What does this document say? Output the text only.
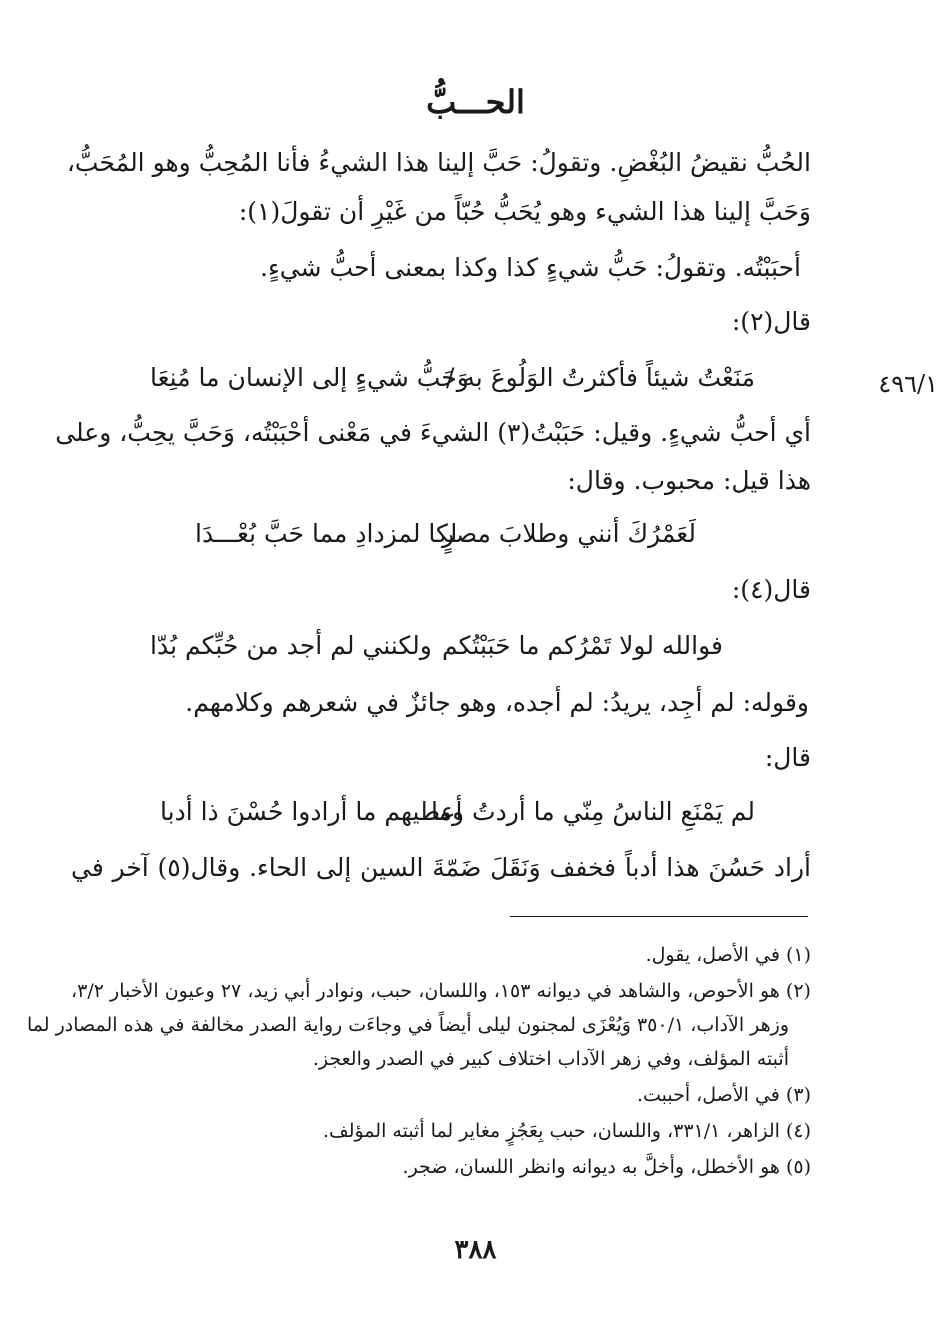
الحـــبُّ
الحُبُّ نقيضُ البُغْضِ. وتقولُ: حَبَّ إلينا هذا الشيءُ فأنا المُحِبُّ وهو المُحَبُّ،
وَحَبَّ إلينا هذا الشيء وهو يُحَبُّ حُبّاً من غَيْرِ أن تقولَ(١):
أحبَبْتُه. وتقولُ: حَبُّ شيءٍ كذا وكذا بمعنى أحبُّ شيءٍ.
قال(٢):
مَنَعْتُ شيئاً فأكثرتُ الوَلُوعَ به /
وَحَبُّ شيءٍ إلى الإنسان ما مُنِعَا	٤٩٦/١
أي أحبُّ شيءٍ. وقيل: حَبَبْتُ(٣) الشيءَ في مَعْنى أحْبَبْتُه، وَحَبَّ يحِبُّ، وعلى
هذا قيل: محبوب. وقال:
لَعَمْرُكَ أنني وطلابَ مصرٍ
لكا لمزدادِ مما حَبَّ بُعْـــدَا
قال(٤):
فوالله لولا تَمْرُكم ما حَبَبْتُكم
ولكنني لم أجد من حُبِّكم بُدّا
وقوله: لم أجِد، يريدُ: لم أجده، وهو جائزٌ في شعرهم وكلامهم.
قال:
لم يَمْنَعِ الناسُ مِنّي ما أردتُ وما
أعطيهم ما أرادوا حُسْنَ ذا أدبا
أراد حَسُنَ هذا أدباً فخفف وَنَقَلَ ضَمّةَ السين إلى الحاء. وقال(٥) آخر في
(١) في الأصل، يقول.
(٢) هو الأحوص، والشاهد في ديوانه ١٥٣، واللسان، حبب، ونوادر أبي زيد، ٢٧ وعيون الأخبار ٣/٢،
وزهر الآداب، ٣٥٠/١ وَيُعْزَى لمجنون ليلى أيضاً في وجاءَت رواية الصدر مخالفة في هذه المصادر لما
أثبته المؤلف، وفي زهر الآداب اختلاف كبير في الصدر والعجز.
(٣) في الأصل، أحببت.
(٤) الزاهر، ٣٣١/١، واللسان، حبب بِعَجُزٍ مغاير لما أثبته المؤلف.
(٥) هو الأخطل، وأخلَّ به ديوانه وانظر اللسان، ضجر.
٣٨٨
